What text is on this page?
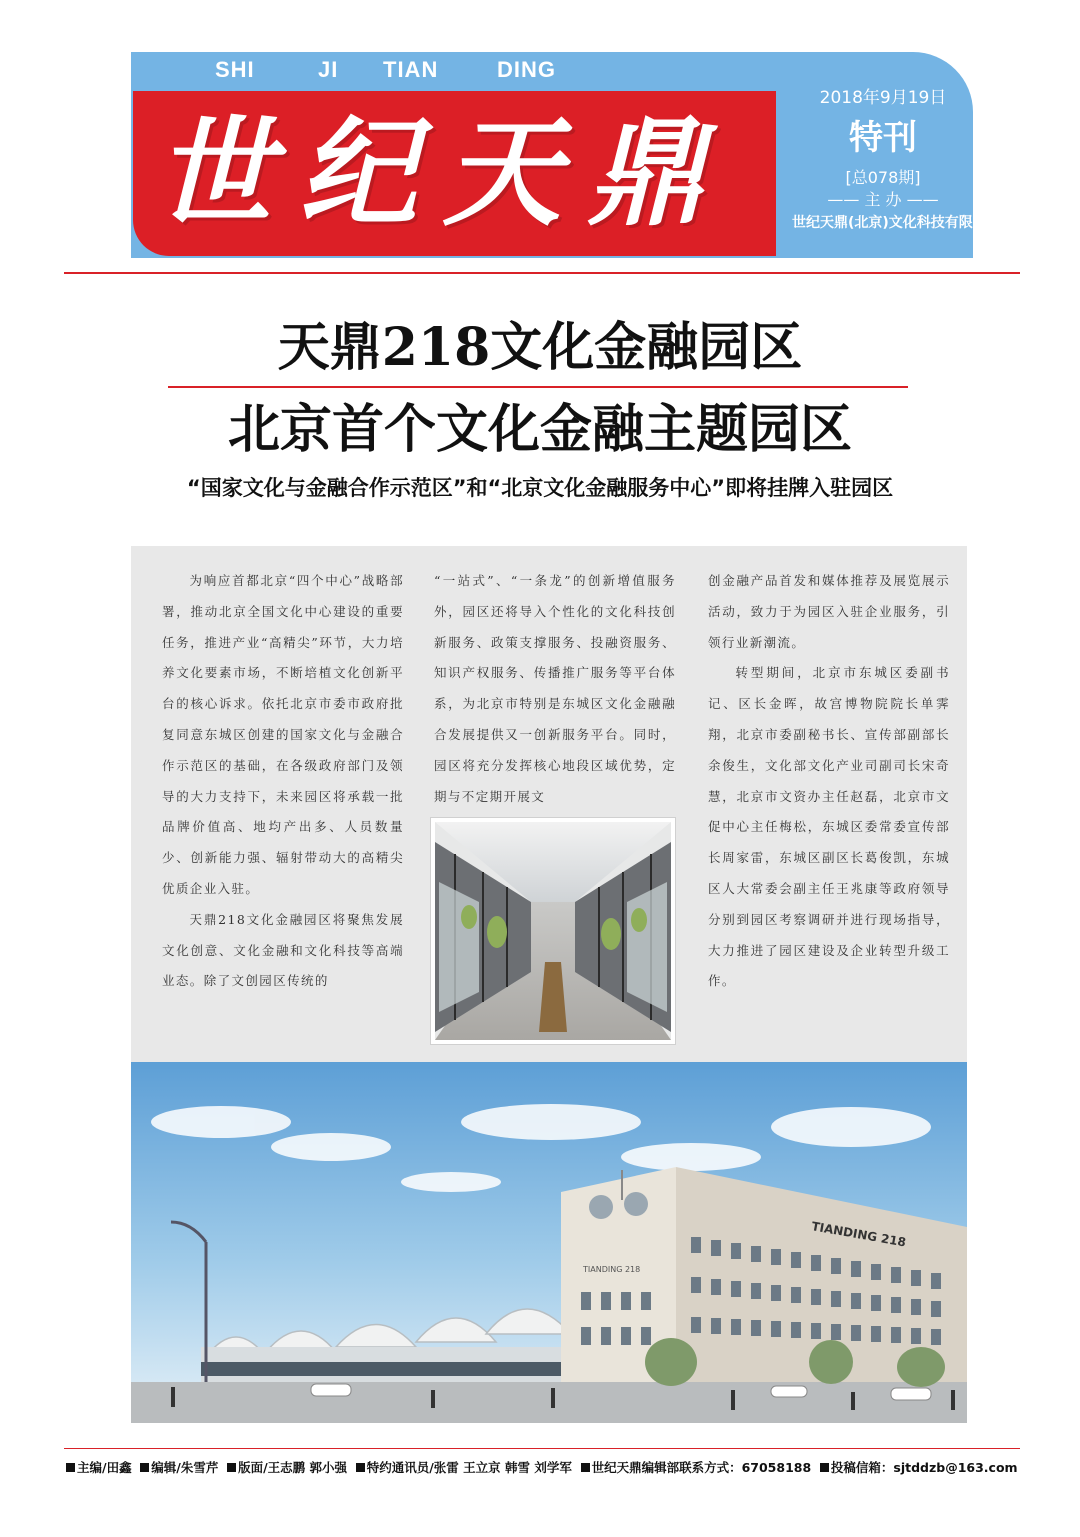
SHI	JI TIAN	DING
世纪天鼎
2018年9月19日
特刊
[总078期]
—— 主 办 ——
世纪天鼎(北京)文化科技有限公司
天鼎218文化金融园区
北京首个文化金融主题园区
“国家文化与金融合作示范区”和“北京文化金融服务中心”即将挂牌入驻园区

为响应首都北京“四个中心”战略部署，推动北京全国文化中心建设的重要任务，推进产业“高精尖”环节，大力培养文化要素市场，不断培植文化创新平台的核心诉求。依托北京市委市政府批复同意东城区创建的国家文化与金融合作示范区的基础，在各级政府部门及领导的大力支持下，未来园区将承载一批品牌价值高、地均产出多、人员数量少、创新能力强、辐射带动大的高精尖优质企业入驻。

天鼎218文化金融园区将聚焦发展文化创意、文化金融和文化科技等高端业态。除了文创园区传统的

“一站式”、“一条龙”的创新增值服务外，园区还将导入个性化的文化科技创新服务、政策支撑服务、投融资服务、知识产权服务、传播推广服务等平台体系，为北京市特别是东城区文化金融融合发展提供又一创新服务平台。同时，园区将充分发挥核心地段区域优势，定期与不定期开展文

创金融产品首发和媒体推荐及展览展示活动，致力于为园区入驻企业服务，引领行业新潮流。

转型期间，北京市东城区委副书记、区长金晖，故宫博物院院长单霁翔，北京市委副秘书长、宣传部副部长余俊生，文化部文化产业司副司长宋奇慧，北京市文资办主任赵磊，北京市文促中心主任梅松，东城区委常委宣传部长周家雷，东城区副区长葛俊凯，东城区人大常委会副主任王兆康等政府领导分别到园区考察调研并进行现场指导，大力推进了园区建设及企业转型升级工作。

TIANDING 218
TIANDING 218
主编/田鑫 编辑/朱雪芹 版面/王志鹏 郭小强 特约通讯员/张雷 王立京 韩雪 刘学军 世纪天鼎编辑部联系方式：67058188 投稿信箱：sjtddzb@163.com
